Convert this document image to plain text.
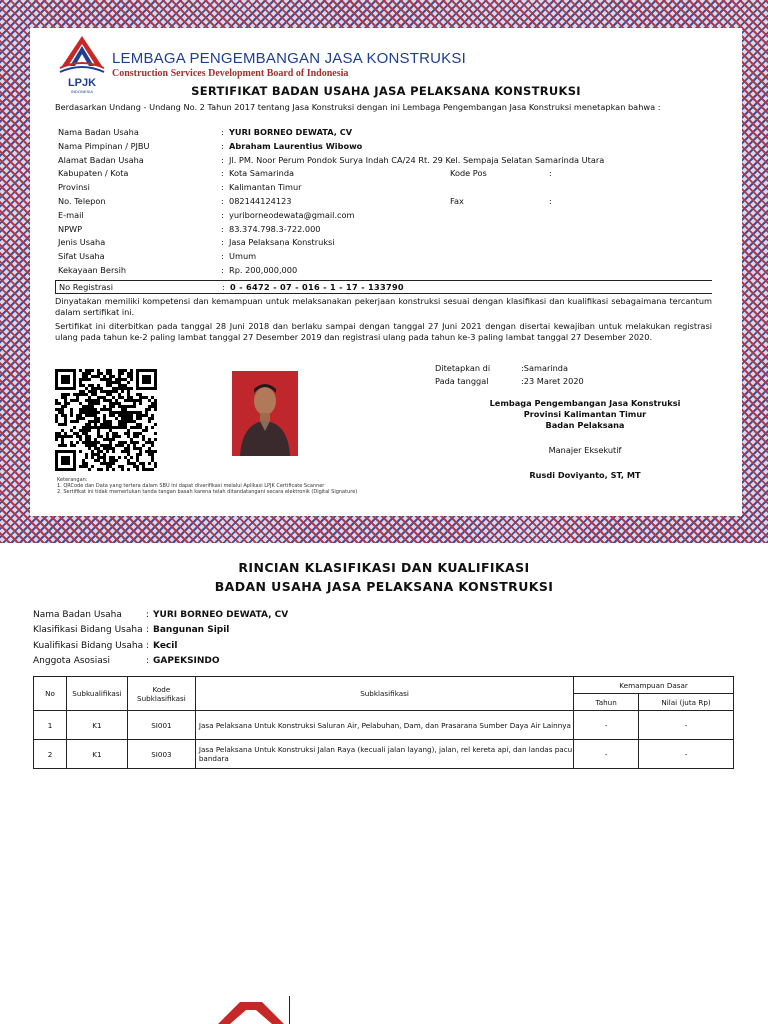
LPJK
INDONESIA
LEMBAGA PENGEMBANGAN JASA KONSTRUKSI
Construction Services Development Board of Indonesia
SERTIFIKAT BADAN USAHA JASA PELAKSANA KONSTRUKSI
Berdasarkan Undang - Undang No. 2 Tahun 2017 tentang Jasa Konstruksi dengan ini Lembaga Pengembangan Jasa Konstruksi menetapkan bahwa :
Nama Badan Usaha	: YURI BORNEO DEWATA, CV
Nama Pimpinan / PJBU	: Abraham Laurentius Wibowo
Alamat Badan Usaha	: Jl. PM. Noor Perum Pondok Surya Indah CA/24 Rt. 29 Kel. Sempaja Selatan Samarinda Utara
Kabupaten / Kota	: Kota Samarinda	Kode Pos	:
Provinsi	: Kalimantan Timur
No. Telepon	: 082144124123	Fax	:
E-mail	: yuriborneodewata@gmail.com
NPWP	: 83.374.798.3-722.000
Jenis Usaha	: Jasa Pelaksana Konstruksi
Sifat Usaha	: Umum
Kekayaan Bersih	: Rp. 200,000,000
No Registrasi	: 0 - 6472 - 07 - 016 - 1 - 17 - 133790
Dinyatakan memiliki kompetensi dan kemampuan untuk melaksanakan pekerjaan konstruksi sesuai dengan klasifikasi dan kualifikasi sebagaimana tercantum dalam sertifikat ini.
Sertifikat ini diterbitkan pada tanggal 28 Juni 2018 dan berlaku sampai dengan tanggal 27 Juni 2021 dengan disertai kewajiban untuk melakukan registrasi ulang pada tahun ke-2 paling lambat tanggal 27 Desember 2019 dan registrasi ulang pada tahun ke-3 paling lambat tanggal 27 Desember 2020.
Ditetapkan di	:Samarinda
Pada tanggal	:23 Maret 2020
Lembaga Pengembangan Jasa Konstruksi
Provinsi Kalimantan Timur
Badan Pelaksana
Manajer Eksekutif
Rusdi Doviyanto, ST, MT
Keterangan:
1. QRCode dan Data yang tertera dalam SBU ini dapat diverifikasi melalui Aplikasi LPJK Certificate Scanner
2. Sertifikat ini tidak memerlukan tanda tangan basah karena telah ditandatangani secara elektronik (Digital Signature)
RINCIAN KLASIFIKASI DAN KUALIFIKASI
BADAN USAHA JASA PELAKSANA KONSTRUKSI
Nama Badan Usaha	: YURI BORNEO DEWATA, CV
Klasifikasi Bidang Usaha : Bangunan Sipil
Kualifikasi Bidang Usaha : Kecil
Anggota Asosiasi	: GAPEKSINDO
No	Subkualifikasi	Kode Subklasifikasi	Subklasifikasi	Kemampuan Dasar	
				Tahun	Nilai (juta Rp)
1	K1	SI001	Jasa Pelaksana Untuk Konstruksi Saluran Air, Pelabuhan, Dam, dan Prasarana Sumber Daya Air Lainnya	-	-
2	K1	SI003	Jasa Pelaksana Untuk Konstruksi Jalan Raya (kecuali jalan layang), jalan, rel kereta api, dan landas pacu bandara	-	-
